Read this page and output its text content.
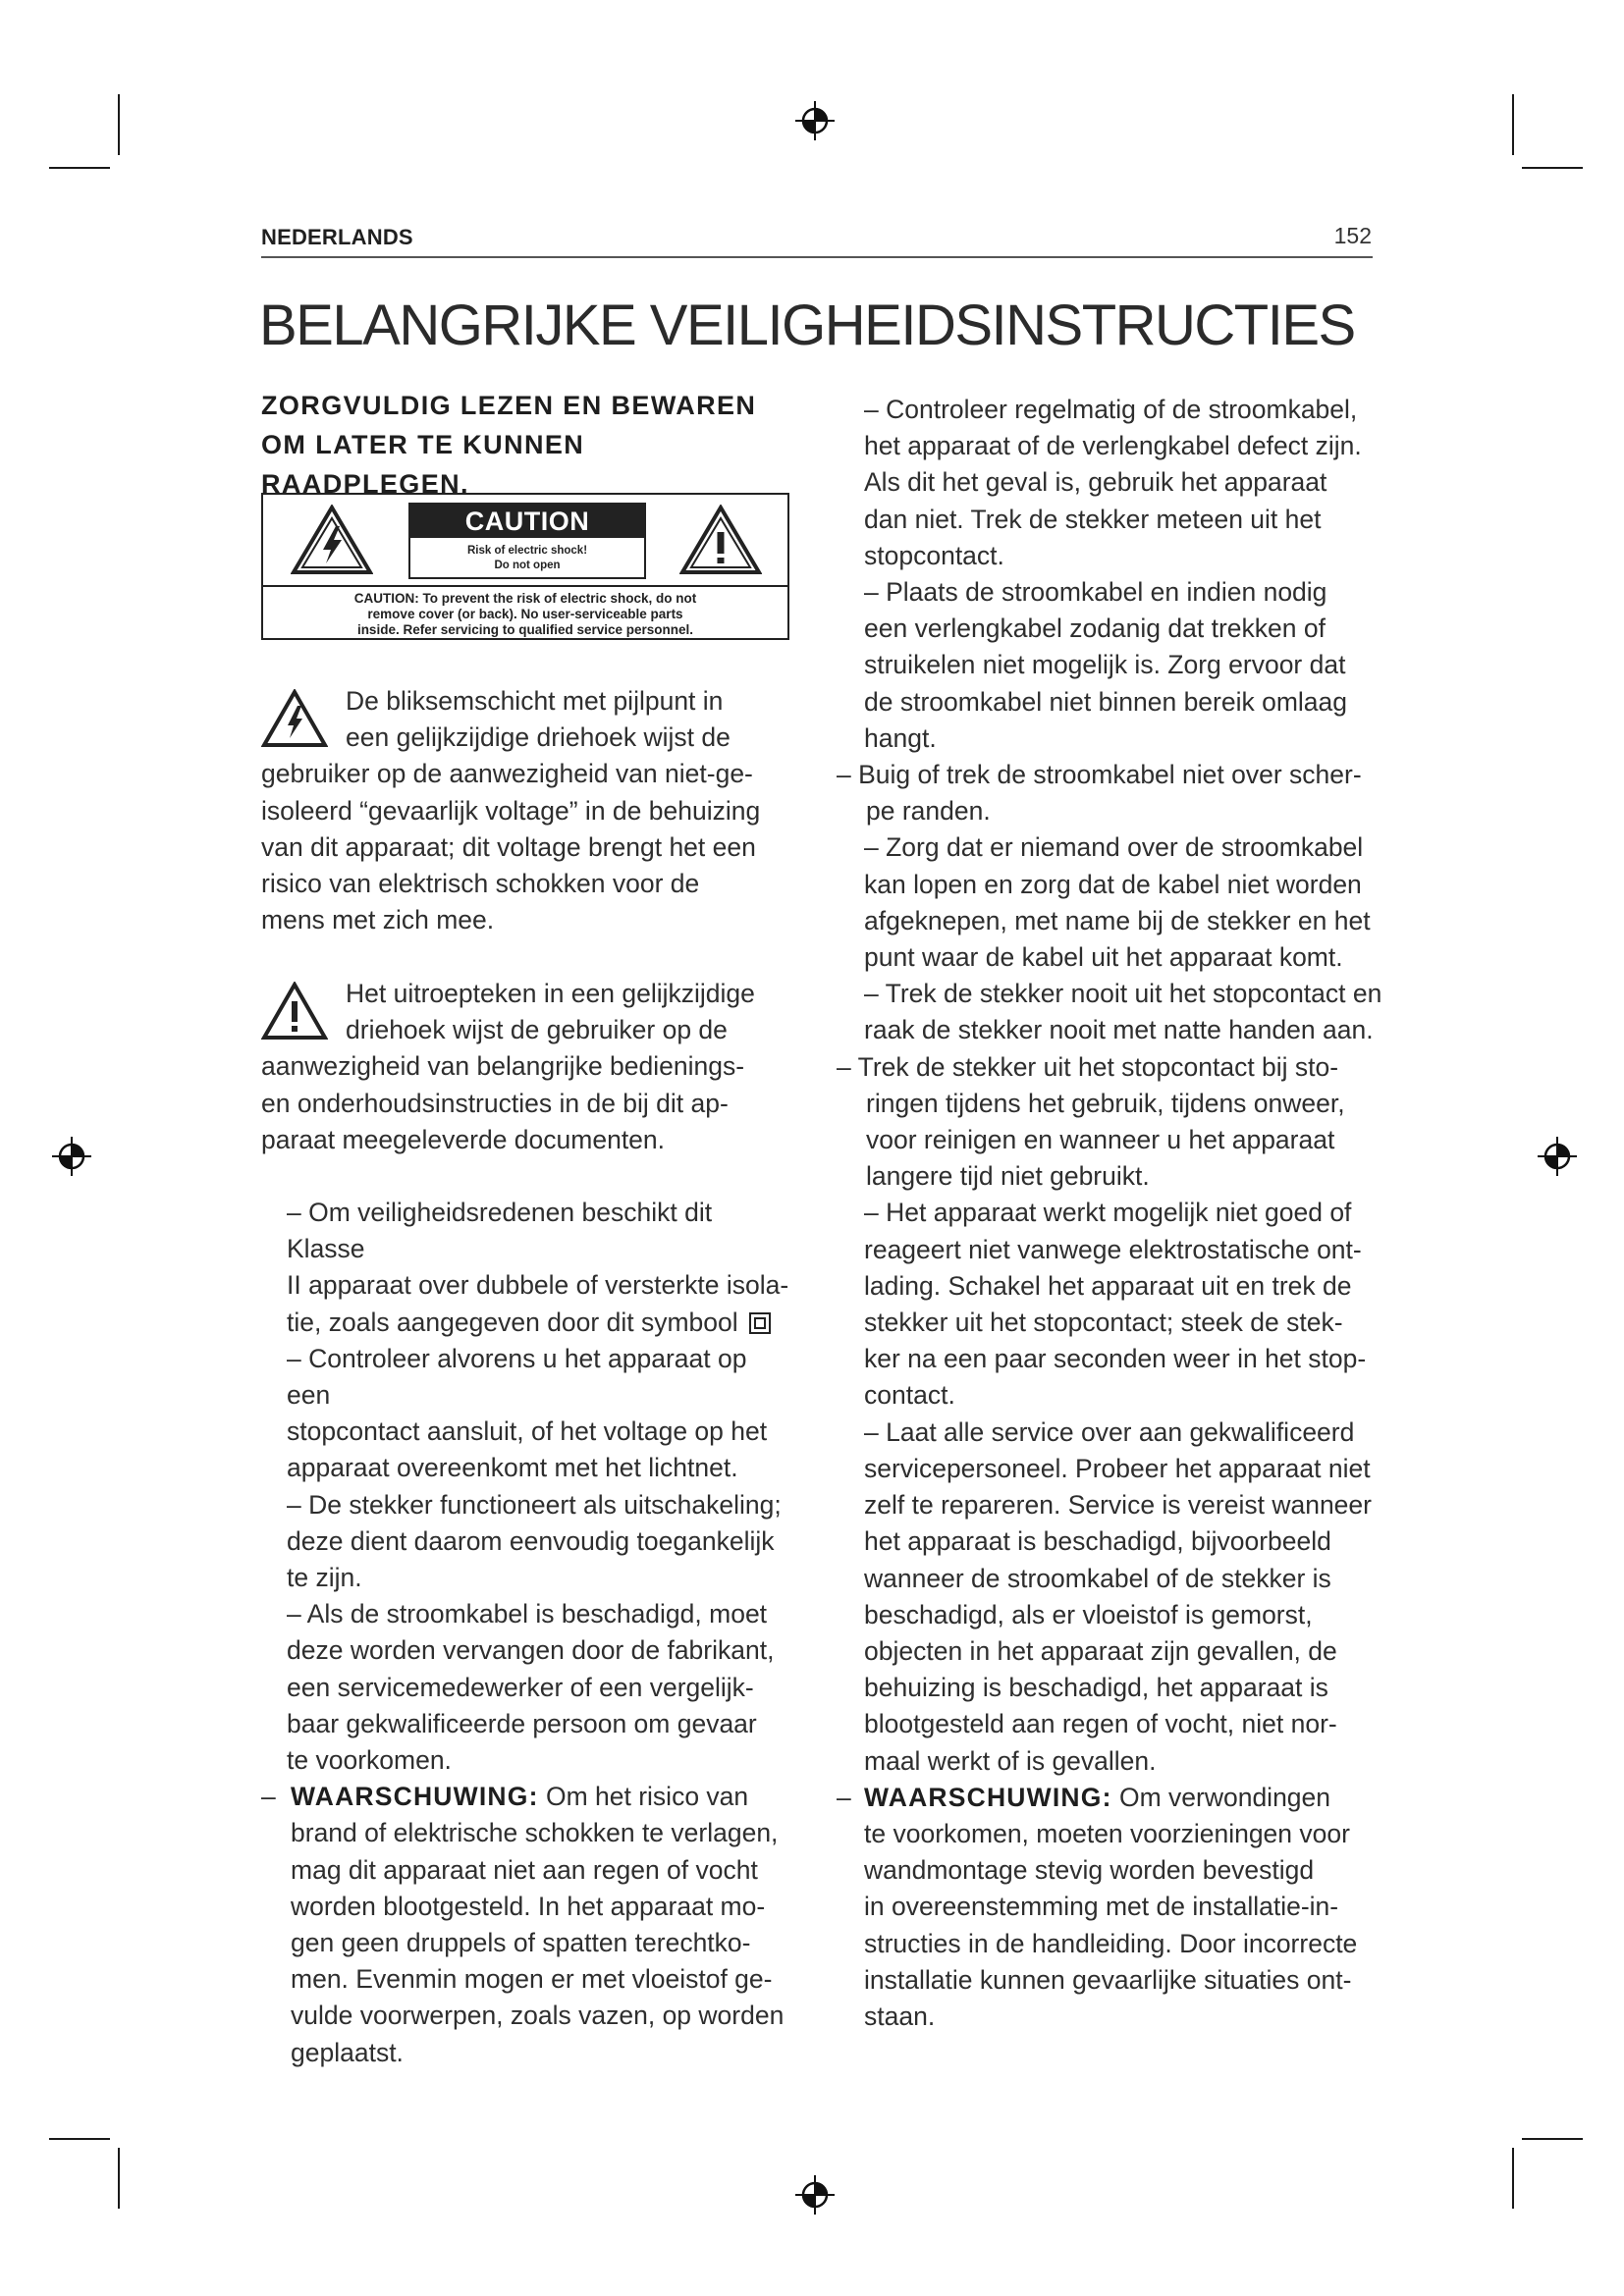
NEDERLANDS	152
BELANGRIJKE VEILIGHEIDSINSTRUCTIES
ZORGVULDIG LEZEN EN BEWAREN
OM LATER TE KUNNEN RAADPLEGEN.
CAUTION
Risk of electric shock!
Do not open
CAUTION: To prevent the risk of electric shock, do not
remove cover (or back). No user-serviceable parts
inside. Refer servicing to qualified service personnel.
De bliksemschicht met pijlpunt in
een gelijkzijdige driehoek wijst de
gebruiker op de aanwezigheid van niet-ge-
isoleerd “gevaarlijk voltage” in de behuizing
van dit apparaat; dit voltage brengt het een
risico van elektrisch schokken voor de
mens met zich mee.
Het uitroepteken in een gelijkzijdige
driehoek wijst de gebruiker op de
aanwezigheid van belangrijke bedienings-
en onderhoudsinstructies in de bij dit ap-
paraat meegeleverde documenten.
– Om veiligheidsredenen beschikt dit Klasse
II apparaat over dubbele of versterkte isola-
tie, zoals aangegeven door dit symbool
– Controleer alvorens u het apparaat op een
stopcontact aansluit, of het voltage op het
apparaat overeenkomt met het lichtnet.
– De stekker functioneert als uitschakeling;
deze dient daarom eenvoudig toegankelijk
te zijn.
– Als de stroomkabel is beschadigd, moet
deze worden vervangen door de fabrikant,
een servicemedewerker of een vergelijk-
baar gekwalificeerde persoon om gevaar
te voorkomen.
– WAARSCHUWING: Om het risico van
brand of elektrische schokken te verlagen,
mag dit apparaat niet aan regen of vocht
worden blootgesteld. In het apparaat mo-
gen geen druppels of spatten terechtko-
men. Evenmin mogen er met vloeistof ge-
vulde voorwerpen, zoals vazen, op worden
geplaatst.
– Controleer regelmatig of de stroomkabel,
het apparaat of de verlengkabel defect zijn.
Als dit het geval is, gebruik het apparaat
dan niet. Trek de stekker meteen uit het
stopcontact.
– Plaats de stroomkabel en indien nodig
een verlengkabel zodanig dat trekken of
struikelen niet mogelijk is. Zorg ervoor dat
de stroomkabel niet binnen bereik omlaag
hangt.
– Buig of trek de stroomkabel niet over scher-
pe randen.
– Zorg dat er niemand over de stroomkabel
kan lopen en zorg dat de kabel niet worden
afgeknepen, met name bij de stekker en het
punt waar de kabel uit het apparaat komt.
– Trek de stekker nooit uit het stopcontact en
raak de stekker nooit met natte handen aan.
– Trek de stekker uit het stopcontact bij sto-
ringen tijdens het gebruik, tijdens onweer,
voor reinigen en wanneer u het apparaat
langere tijd niet gebruikt.
– Het apparaat werkt mogelijk niet goed of
reageert niet vanwege elektrostatische ont-
lading. Schakel het apparaat uit en trek de
stekker uit het stopcontact; steek de stek-
ker na een paar seconden weer in het stop-
contact.
– Laat alle service over aan gekwalificeerd
servicepersoneel. Probeer het apparaat niet
zelf te repareren. Service is vereist wanneer
het apparaat is beschadigd, bijvoorbeeld
wanneer de stroomkabel of de stekker is
beschadigd, als er vloeistof is gemorst,
objecten in het apparaat zijn gevallen, de
behuizing is beschadigd, het apparaat is
blootgesteld aan regen of vocht, niet nor-
maal werkt of is gevallen.
– WAARSCHUWING: Om verwondingen
te voorkomen, moeten voorzieningen voor
wandmontage stevig worden bevestigd
in overeenstemming met de installatie-in-
structies in de handleiding. Door incorrecte
installatie kunnen gevaarlijke situaties ont-
staan.
